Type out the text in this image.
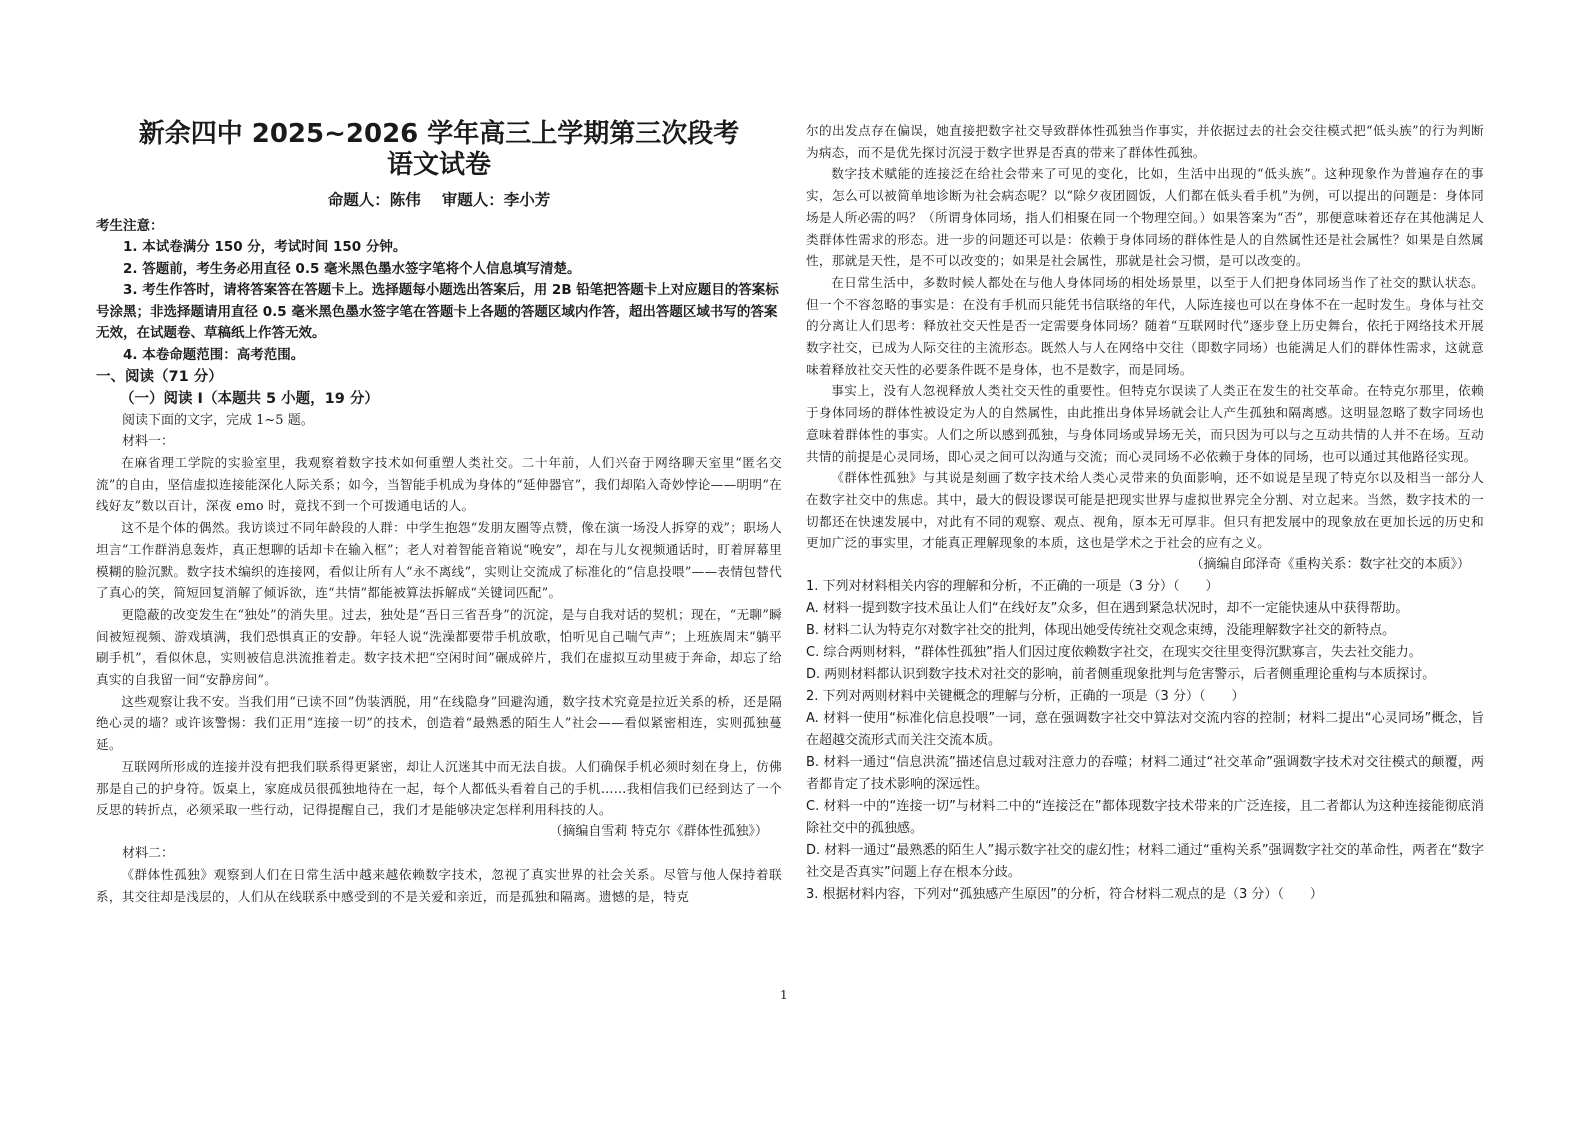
新余四中 2025~2026 学年高三上学期第三次段考
语文试卷

命题人：陈伟　 审题人：李小芳

考生注意：

1. 本试卷满分 150 分，考试时间 150 分钟。

2. 答题前，考生务必用直径 0.5 毫米黑色墨水签字笔将个人信息填写清楚。

3. 考生作答时，请将答案答在答题卡上。选择题每小题选出答案后，用 2B 铅笔把答题卡上对应题目的答案标号涂黑；非选择题请用直径 0.5 毫米黑色墨水签字笔在答题卡上各题的答题区域内作答，超出答题区域书写的答案无效，在试题卷、草稿纸上作答无效。

4. 本卷命题范围：高考范围。

一、阅读（71 分）

（一）阅读 I（本题共 5 小题，19 分）

阅读下面的文字，完成 1~5 题。

材料一：

在麻省理工学院的实验室里，我观察着数字技术如何重塑人类社交。二十年前，人们兴奋于网络聊天室里“匿名交流”的自由，坚信虚拟连接能深化人际关系；如今，当智能手机成为身体的“延伸器官”，我们却陷入奇妙悖论——明明“在线好友”数以百计，深夜 emo 时，竟找不到一个可拨通电话的人。

这不是个体的偶然。我访谈过不同年龄段的人群：中学生抱怨“发朋友圈等点赞，像在演一场没人拆穿的戏”；职场人坦言“工作群消息轰炸，真正想聊的话却卡在输入框”；老人对着智能音箱说“晚安”，却在与儿女视频通话时，盯着屏幕里模糊的脸沉默。数字技术编织的连接网，看似让所有人“永不离线”，实则让交流成了标准化的“信息投喂”——表情包替代了真心的笑，简短回复消解了倾诉欲，连“共情”都能被算法拆解成“关键词匹配”。

更隐蔽的改变发生在“独处”的消失里。过去，独处是“吾日三省吾身”的沉淀，是与自我对话的契机；现在，“无聊”瞬间被短视频、游戏填满，我们恐惧真正的安静。年轻人说“洗澡都要带手机放歌，怕听见自己喘气声”；上班族周末“躺平刷手机”，看似休息，实则被信息洪流推着走。数字技术把“空闲时间”碾成碎片，我们在虚拟互动里疲于奔命，却忘了给真实的自我留一间“安静房间”。

这些观察让我不安。当我们用“已读不回”伪装洒脱，用“在线隐身”回避沟通，数字技术究竟是拉近关系的桥，还是隔绝心灵的墙？或许该警惕：我们正用“连接一切”的技术，创造着“最熟悉的陌生人”社会——看似紧密相连，实则孤独蔓延。

互联网所形成的连接并没有把我们联系得更紧密，却让人沉迷其中而无法自拔。人们确保手机必须时刻在身上，仿佛那是自己的护身符。饭桌上，家庭成员很孤独地待在一起，每个人都低头看着自己的手机……我相信我们已经到达了一个反思的转折点，必须采取一些行动，记得提醒自己，我们才是能够决定怎样利用科技的人。

（摘编自雪莉 特克尔《群体性孤独》）

材料二：

《群体性孤独》观察到人们在日常生活中越来越依赖数字技术，忽视了真实世界的社会关系。尽管与他人保持着联系，其交往却是浅层的，人们从在线联系中感受到的不是关爱和亲近，而是孤独和隔离。遗憾的是，特克

尔的出发点存在偏误，她直接把数字社交导致群体性孤独当作事实，并依据过去的社会交往模式把“低头族”的行为判断为病态，而不是优先探讨沉浸于数字世界是否真的带来了群体性孤独。

数字技术赋能的连接泛在给社会带来了可见的变化，比如，生活中出现的“低头族”。这种现象作为普遍存在的事实，怎么可以被简单地诊断为社会病态呢？以“除夕夜团圆饭，人们都在低头看手机”为例，可以提出的问题是：身体同场是人所必需的吗？（所谓身体同场，指人们相聚在同一个物理空间。）如果答案为“否”，那便意味着还存在其他满足人类群体性需求的形态。进一步的问题还可以是：依赖于身体同场的群体性是人的自然属性还是社会属性？如果是自然属性，那就是天性，是不可以改变的；如果是社会属性，那就是社会习惯，是可以改变的。

在日常生活中，多数时候人都处在与他人身体同场的相处场景里，以至于人们把身体同场当作了社交的默认状态。但一个不容忽略的事实是：在没有手机而只能凭书信联络的年代，人际连接也可以在身体不在一起时发生。身体与社交的分离让人们思考：释放社交天性是否一定需要身体同场？随着“互联网时代”逐步登上历史舞台，依托于网络技术开展数字社交，已成为人际交往的主流形态。既然人与人在网络中交往（即数字同场）也能满足人们的群体性需求，这就意味着释放社交天性的必要条件既不是身体，也不是数字，而是同场。

事实上，没有人忽视释放人类社交天性的重要性。但特克尔误读了人类正在发生的社交革命。在特克尔那里，依赖于身体同场的群体性被设定为人的自然属性，由此推出身体异场就会让人产生孤独和隔离感。这明显忽略了数字同场也意味着群体性的事实。人们之所以感到孤独，与身体同场或异场无关，而只因为可以与之互动共情的人并不在场。互动共情的前提是心灵同场，即心灵之间可以沟通与交流；而心灵同场不必依赖于身体的同场，也可以通过其他路径实现。

《群体性孤独》与其说是刻画了数字技术给人类心灵带来的负面影响，还不如说是呈现了特克尔以及相当一部分人在数字社交中的焦虑。其中，最大的假设谬误可能是把现实世界与虚拟世界完全分割、对立起来。当然，数字技术的一切都还在快速发展中，对此有不同的观察、观点、视角，原本无可厚非。但只有把发展中的现象放在更加长远的历史和更加广泛的事实里，才能真正理解现象的本质，这也是学术之于社会的应有之义。

（摘编自邱泽奇《重构关系：数字社交的本质》）

1. 下列对材料相关内容的理解和分析，不正确的一项是（3 分）（　　）

A. 材料一提到数字技术虽让人们“在线好友”众多，但在遇到紧急状况时，却不一定能快速从中获得帮助。

B. 材料二认为特克尔对数字社交的批判，体现出她受传统社交观念束缚，没能理解数字社交的新特点。

C. 综合两则材料，“群体性孤独”指人们因过度依赖数字社交，在现实交往里变得沉默寡言，失去社交能力。

D. 两则材料都认识到数字技术对社交的影响，前者侧重现象批判与危害警示，后者侧重理论重构与本质探讨。

2. 下列对两则材料中关键概念的理解与分析，正确的一项是（3 分）（　　）

A. 材料一使用“标准化信息投喂”一词，意在强调数字社交中算法对交流内容的控制；材料二提出“心灵同场”概念，旨在超越交流形式而关注交流本质。

B. 材料一通过“信息洪流”描述信息过载对注意力的吞噬；材料二通过“社交革命”强调数字技术对交往模式的颠覆，两者都肯定了技术影响的深远性。

C. 材料一中的“连接一切”与材料二中的“连接泛在”都体现数字技术带来的广泛连接，且二者都认为这种连接能彻底消除社交中的孤独感。

D. 材料一通过“最熟悉的陌生人”揭示数字社交的虚幻性；材料二通过“重构关系”强调数字社交的革命性，两者在“数字社交是否真实”问题上存在根本分歧。

3. 根据材料内容，下列对“孤独感产生原因”的分析，符合材料二观点的是（3 分）（　　）

1
